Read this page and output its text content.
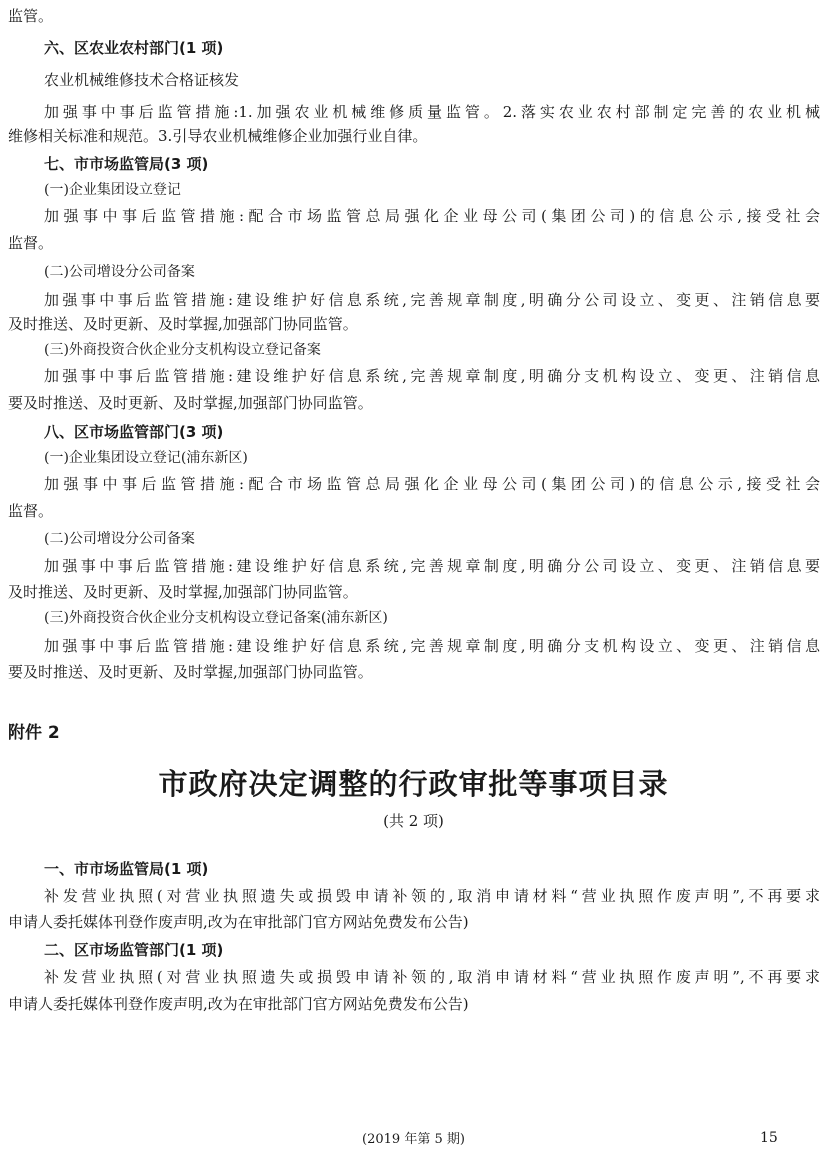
监管。
六、区农业农村部门(1 项)
农业机械维修技术合格证核发
加强事中事后监管措施:1.加强农业机械维修质量监管。2.落实农业农村部制定完善的农业机械
维修相关标准和规范。3.引导农业机械维修企业加强行业自律。
七、市市场监管局(3 项)
(一)企业集团设立登记
加强事中事后监管措施:配合市场监管总局强化企业母公司(集团公司)的信息公示,接受社会
监督。
(二)公司增设分公司备案
加强事中事后监管措施:建设维护好信息系统,完善规章制度,明确分公司设立、变更、注销信息要
及时推送、及时更新、及时掌握,加强部门协同监管。
(三)外商投资合伙企业分支机构设立登记备案
加强事中事后监管措施:建设维护好信息系统,完善规章制度,明确分支机构设立、变更、注销信息
要及时推送、及时更新、及时掌握,加强部门协同监管。
八、区市场监管部门(3 项)
(一)企业集团设立登记(浦东新区)
加强事中事后监管措施:配合市场监管总局强化企业母公司(集团公司)的信息公示,接受社会
监督。
(二)公司增设分公司备案
加强事中事后监管措施:建设维护好信息系统,完善规章制度,明确分公司设立、变更、注销信息要
及时推送、及时更新、及时掌握,加强部门协同监管。
(三)外商投资合伙企业分支机构设立登记备案(浦东新区)
加强事中事后监管措施:建设维护好信息系统,完善规章制度,明确分支机构设立、变更、注销信息
要及时推送、及时更新、及时掌握,加强部门协同监管。
附件 2
市政府决定调整的行政审批等事项目录
(共 2 项)
一、市市场监管局(1 项)
补发营业执照(对营业执照遗失或损毁申请补领的,取消申请材料“营业执照作废声明”,不再要求
申请人委托媒体刊登作废声明,改为在审批部门官方网站免费发布公告)
二、区市场监管部门(1 项)
补发营业执照(对营业执照遗失或损毁申请补领的,取消申请材料“营业执照作废声明”,不再要求
申请人委托媒体刊登作废声明,改为在审批部门官方网站免费发布公告)
(2019 年第 5 期)	15
